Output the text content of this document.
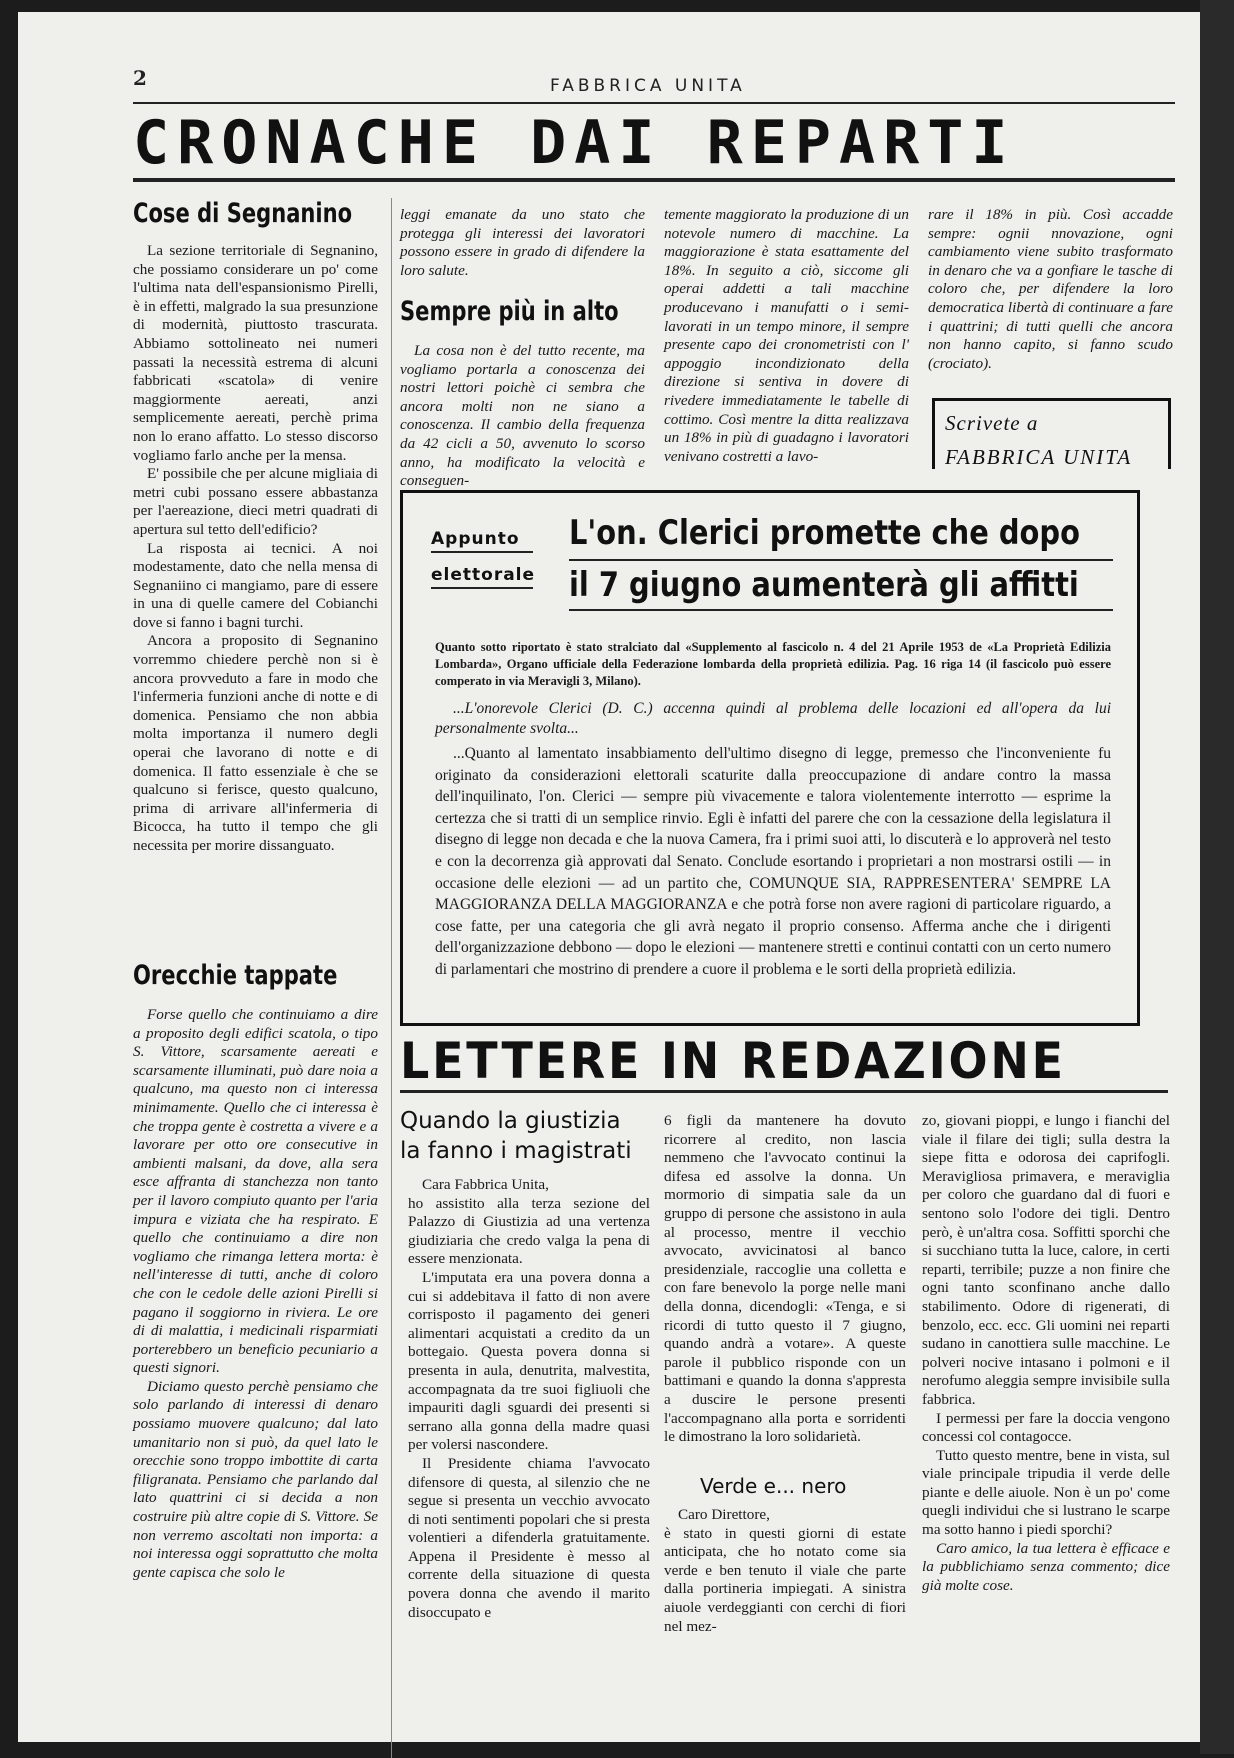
2	FABBRICA UNITA
CRONACHE DAI REPARTI
Cose di Segnanino

La sezione territoriale di Segnanino, che possiamo considerare un po' come l'ultima nata dell'espansionismo Pirelli, è in effetti, malgrado la sua presunzione di modernità, piuttosto trascurata. Abbiamo sottolineato nei numeri passati la necessità estrema di alcuni fabbricati «scatola» di venire maggiormente aereati, anzi semplicemente aereati, perchè prima non lo erano affatto. Lo stesso discorso vogliamo farlo anche per la mensa.

E' possibile che per alcune migliaia di metri cubi possano essere abbastanza per l'aereazione, dieci metri quadrati di apertura sul tetto dell'edificio?

La risposta ai tecnici. A noi modestamente, dato che nella mensa di Segnaniino ci mangiamo, pare di essere in una di quelle camere del Cobianchi dove si fanno i bagni turchi.

Ancora a proposito di Segnanino vorremmo chiedere perchè non si è ancora provveduto a fare in modo che l'infermeria funzioni anche di notte e di domenica. Pensiamo che non abbia molta importanza il numero degli operai che lavorano di notte e di domenica. Il fatto essenziale è che se qualcuno si ferisce, questo qualcuno, prima di arrivare all'infermeria di Bicocca, ha tutto il tempo che gli necessita per morire dissanguato.

Orecchie tappate

Forse quello che continuiamo a dire a proposito degli edifici scatola, o tipo S. Vittore, scarsamente aereati e scarsamente illuminati, può dare noia a qualcuno, ma questo non ci interessa minimamente. Quello che ci interessa è che troppa gente è costretta a vivere e a lavorare per otto ore consecutive in ambienti malsani, da dove, alla sera esce affranta di stanchezza non tanto per il lavoro compiuto quanto per l'aria impura e viziata che ha respirato. E quello che continuiamo a dire non vogliamo che rimanga lettera morta: è nell'interesse di tutti, anche di coloro che con le cedole delle azioni Pirelli si pagano il soggiorno in riviera. Le ore di di malattia, i medicinali risparmiati porterebbero un beneficio pecuniario a questi signori.

Diciamo questo perchè pensiamo che solo parlando di interessi di denaro possiamo muovere qualcuno; dal lato umanitario non si può, da quel lato le orecchie sono troppo imbottite di carta filigranata. Pensiamo che parlando dal lato quattrini ci si decida a non costruire più altre copie di S. Vittore. Se non verremo ascoltati non importa: a noi interessa oggi soprattutto che molta gente capisca che solo le

leggi emanate da uno stato che protegga gli interessi dei lavoratori possono essere in grado di difendere la loro salute.
Sempre più in alto

La cosa non è del tutto recente, ma vogliamo portarla a conoscenza dei nostri lettori poichè ci sembra che ancora molti non ne siano a conoscenza. Il cambio della frequenza da 42 cicli a 50, avvenuto lo scorso anno, ha modificato la velocità e conseguen-

temente maggiorato la produzione di un notevole numero di macchine. La maggiorazione è stata esattamente del 18%. In seguito a ciò, siccome gli operai addetti a tali macchine producevano i manufatti o i semi-lavorati in un tempo minore, il sempre presente capo dei cronometristi con l' appoggio incondizionato della direzione si sentiva in dovere di rivedere immediatamente le tabelle di cottimo. Così mentre la ditta realizzava un 18% in più di guadagno i lavoratori venivano costretti a lavo-
rare il 18% in più. Così accadde sempre: ognii nnovazione, ogni cambiamento viene subito trasformato in denaro che va a gonfiare le tasche di coloro che, per difendere la loro democratica libertà di continuare a fare i quattrini; di tutti quelli che ancora non hanno capito, si fanno scudo (crociato).
Scrivete a
FABBRICA UNITA
Appunto
elettorale
L'on. Clerici promette che dopo
il 7 giugno aumenterà gli affitti
Quanto sotto riportato è stato stralciato dal «Supplemento al fascicolo n. 4 del 21 Aprile 1953 de «La Proprietà Edilizia Lombarda», Organo ufficiale della Federazione lombarda della proprietà edilizia. Pag. 16 riga 14 (il fascicolo può essere comperato in via Meravigli 3, Milano).
...L'onorevole Clerici (D. C.) accenna quindi al problema delle locazioni ed all'opera da lui personalmente svolta...
...Quanto al lamentato insabbiamento dell'ultimo disegno di legge, premesso che l'inconveniente fu originato da considerazioni elettorali scaturite dalla preoccupazione di andare contro la massa dell'inquilinato, l'on. Clerici — sempre più vivacemente e talora violentemente interrotto — esprime la certezza che si tratti di un semplice rinvio. Egli è infatti del parere che con la cessazione della legislatura il disegno di legge non decada e che la nuova Camera, fra i primi suoi atti, lo discuterà e lo approverà nel testo e con la decorrenza già approvati dal Senato. Conclude esortando i proprietari a non mostrarsi ostili — in occasione delle elezioni — ad un partito che, COMUNQUE SIA, RAPPRESENTERA' SEMPRE LA MAGGIORANZA DELLA MAGGIORANZA e che potrà forse non avere ragioni di particolare riguardo, a cose fatte, per una categoria che gli avrà negato il proprio consenso. Afferma anche che i dirigenti dell'organizzazione debbono — dopo le elezioni — mantenere stretti e continui contatti con un certo numero di parlamentari che mostrino di prendere a cuore il problema e le sorti della proprietà edilizia.
LETTERE IN REDAZIONE
Quando la giustizia
la fanno i magistrati

Cara Fabbrica Unita,

ho assistito alla terza sezione del Palazzo di Giustizia ad una vertenza giudiziaria che credo valga la pena di essere menzionata.

L'imputata era una povera donna a cui si addebitava il fatto di non avere corrisposto il pagamento dei generi alimentari acquistati a credito da un bottegaio. Questa povera donna si presenta in aula, denutrita, malvestita, accompagnata da tre suoi figliuoli che impauriti dagli sguardi dei presenti si serrano alla gonna della madre quasi per volersi nascondere.

Il Presidente chiama l'avvocato difensore di questa, al silenzio che ne segue si presenta un vecchio avvocato di noti sentimenti popolari che si presta volentieri a difenderla gratuitamente. Appena il Presidente è messo al corrente della situazione di questa povera donna che avendo il marito disoccupato e

6 figli da mantenere ha dovuto ricorrere al credito, non lascia nemmeno che l'avvocato continui la difesa ed assolve la donna. Un mormorio di simpatia sale da un gruppo di persone che assistono in aula al processo, mentre il vecchio avvocato, avvicinatosi al banco presidenziale, raccoglie una colletta e con fare benevolo la porge nelle mani della donna, dicendogli: «Tenga, e si ricordi di tutto questo il 7 giugno, quando andrà a votare». A queste parole il pubblico risponde con un battimani e quando la donna s'appresta a duscire le persone presenti l'accompagnano alla porta e sorridenti le dimostrano la loro solidarietà.

Verde e... nero

Caro Direttore,

è stato in questi giorni di estate anticipata, che ho notato come sia verde e ben tenuto il viale che parte dalla portineria impiegati. A sinistra aiuole verdeggianti con cerchi di fiori nel mez-

zo, giovani pioppi, e lungo i fianchi del viale il filare dei tigli; sulla destra la siepe fitta e odorosa dei caprifogli. Meravigliosa primavera, e meraviglia per coloro che guardano dal di fuori e sentono solo l'odore dei tigli. Dentro però, è un'altra cosa. Soffitti sporchi che si succhiano tutta la luce, calore, in certi reparti, terribile; puzze a non finire che ogni tanto sconfinano anche dallo stabilimento. Odore di rigenerati, di benzolo, ecc. ecc. Gli uomini nei reparti sudano in canottiera sulle macchine. Le polveri nocive intasano i polmoni e il nerofumo aleggia sempre invisibile sulla fabbrica.

I permessi per fare la doccia vengono concessi col contagocce.

Tutto questo mentre, bene in vista, sul viale principale tripudia il verde delle piante e delle aiuole. Non è un po' come quegli individui che si lustrano le scarpe ma sotto hanno i piedi sporchi?

Caro amico, la tua lettera è efficace e la pubblichiamo senza commento; dice già molte cose.
